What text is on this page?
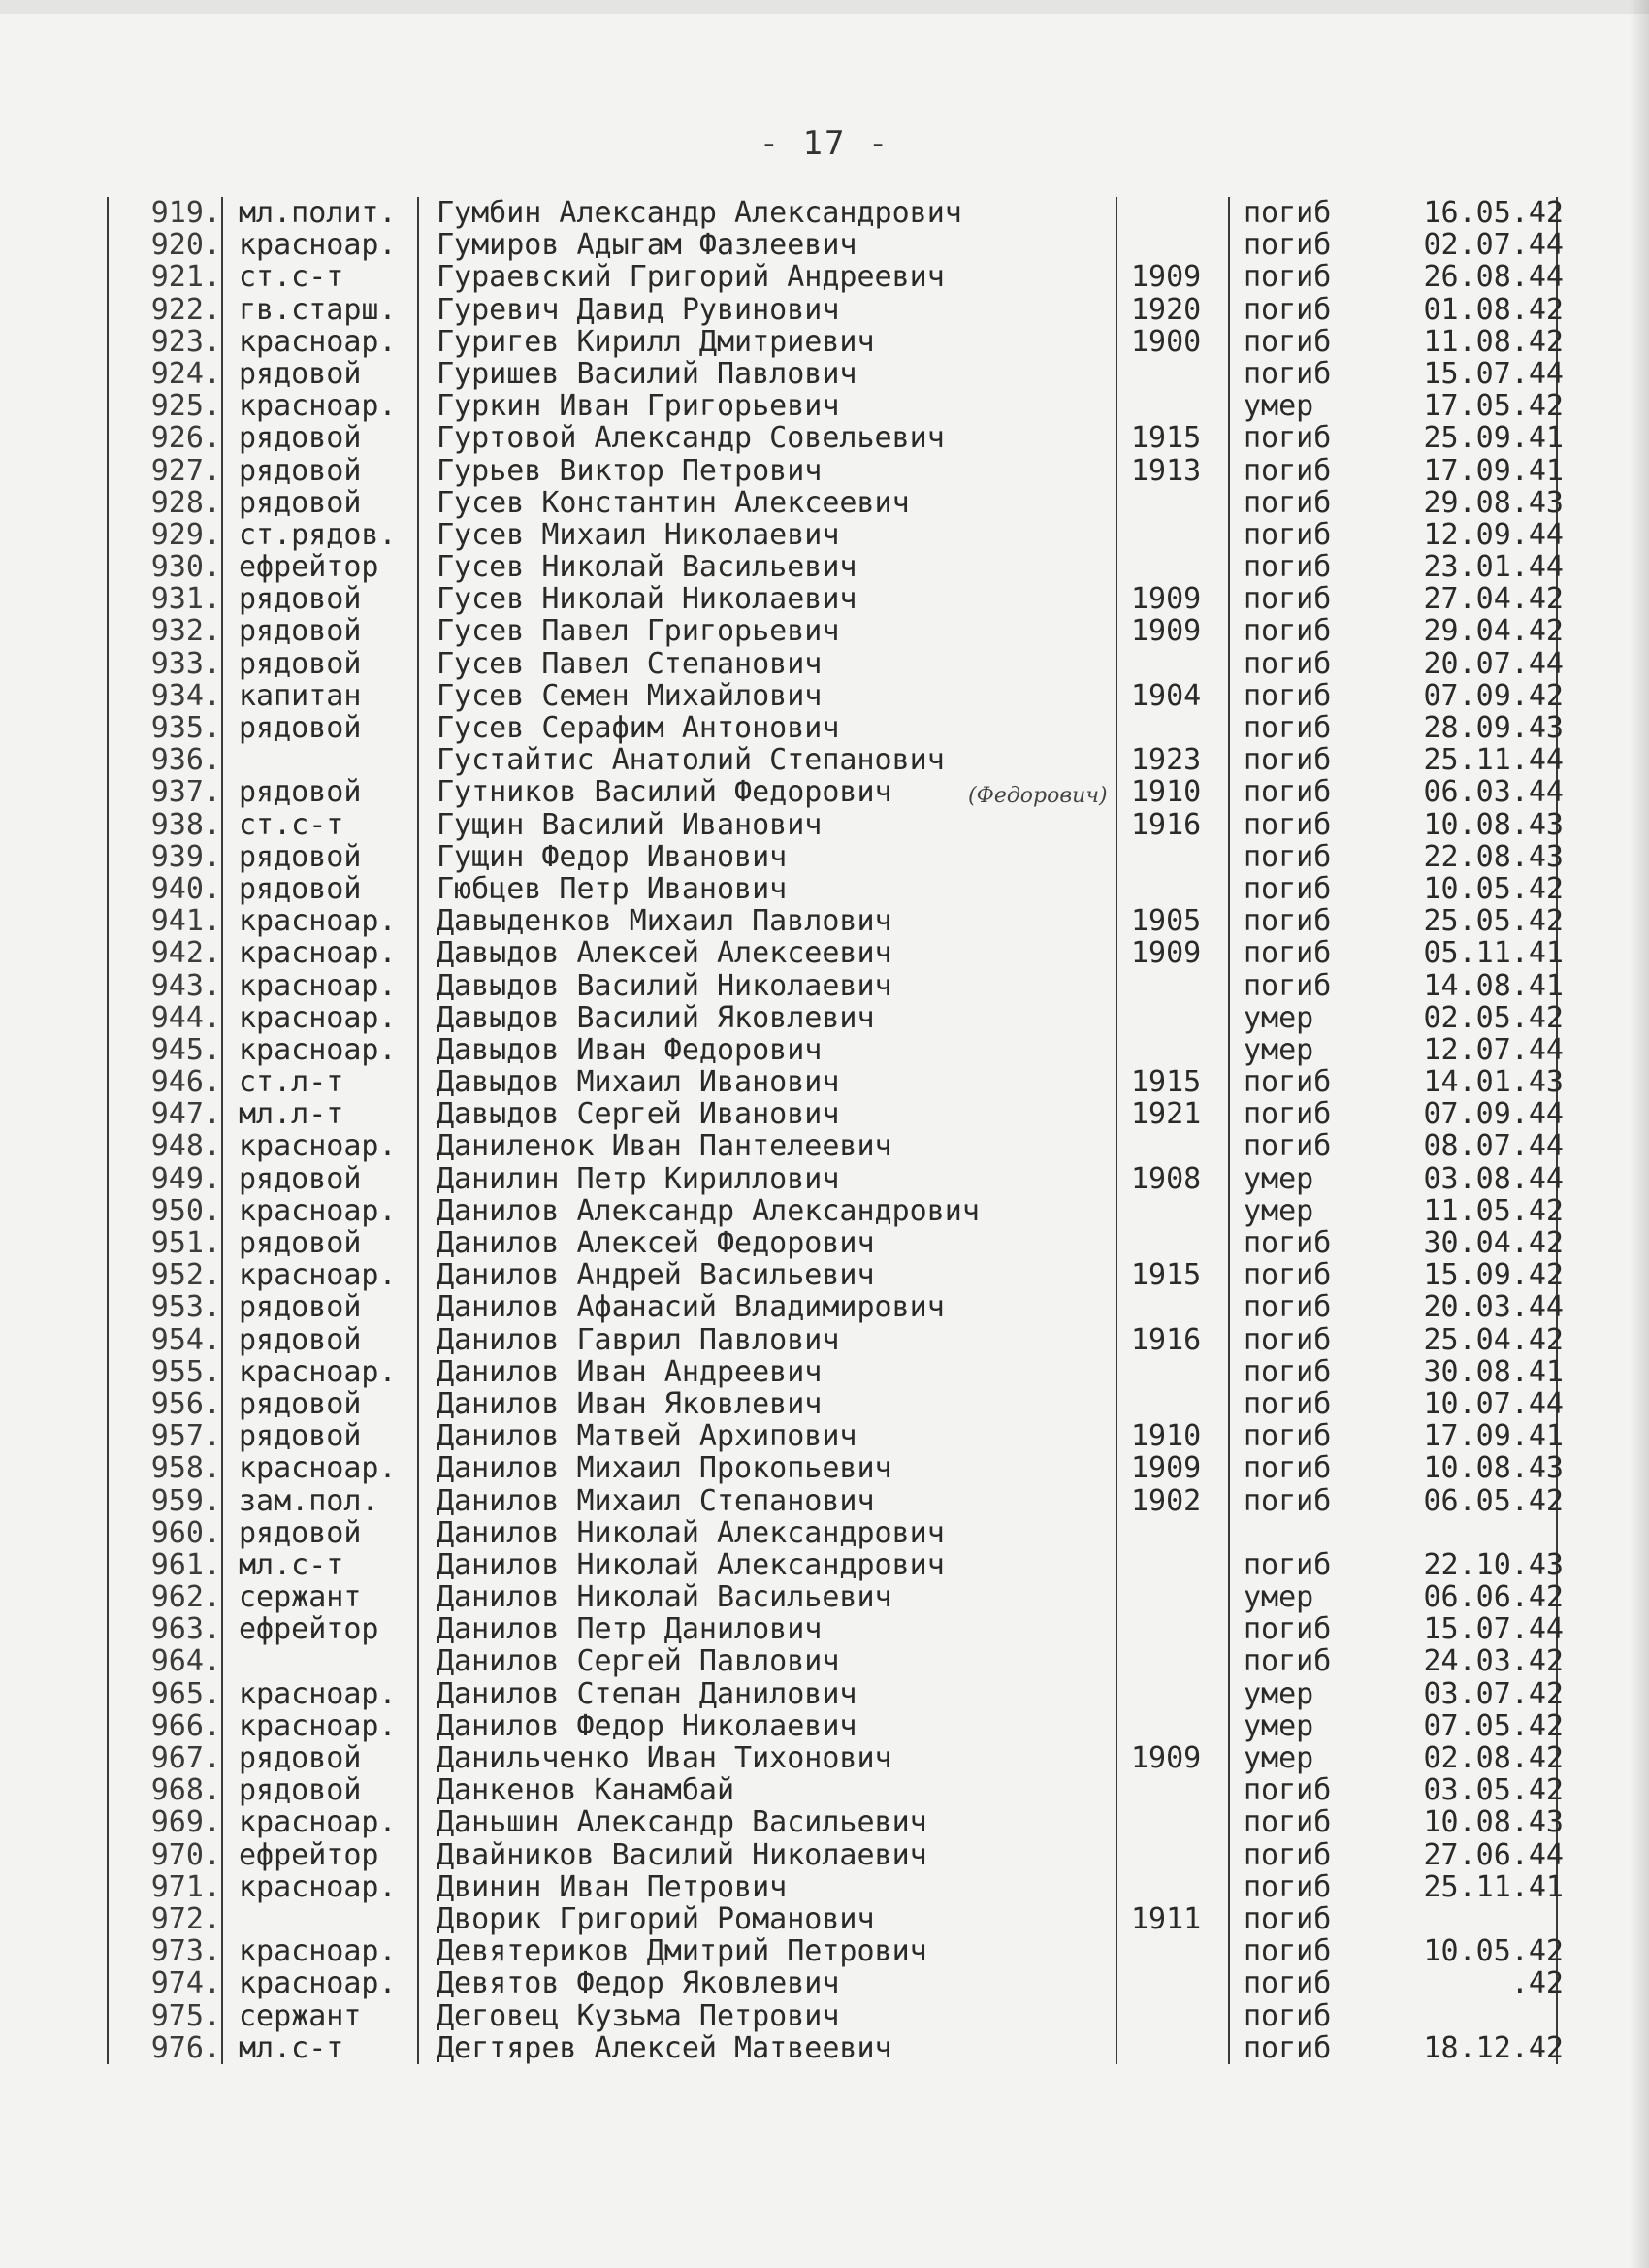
- 17 -
919. мл.полит.	Гумбин Александр Александрович	погиб	16.05.42
920. красноар.	Гумиров Адыгам Фазлеевич	погиб	02.07.44
921. ст.с-т	Гураевский Григорий Андреевич	1909	погиб	26.08.44
922. гв.старш.	Гуревич Давид Рувинович	1920	погиб	01.08.42
923. красноар.	Гуригев Кирилл Дмитриевич	1900	погиб	11.08.42
924. рядовой	Гуришев Василий Павлович	погиб	15.07.44
925. красноар.	Гуркин Иван Григорьевич	умер	17.05.42
926. рядовой	Гуртовой Александр Совельевич	1915	погиб	25.09.41
927. рядовой	Гурьев Виктор Петрович	1913	погиб	17.09.41
928. рядовой	Гусев Константин Алексеевич	погиб	29.08.43
929. ст.рядов.	Гусев Михаил Николаевич	погиб	12.09.44
930. ефрейтор	Гусев Николай Васильевич	погиб	23.01.44
931. рядовой	Гусев Николай Николаевич	1909	погиб	27.04.42
932. рядовой	Гусев Павел Григорьевич	1909	погиб	29.04.42
933. рядовой	Гусев Павел Степанович	погиб	20.07.44
934. капитан	Гусев Семен Михайлович	1904	погиб	07.09.42
935. рядовой	Гусев Серафим Антонович	погиб	28.09.43
936.	Густайтис Анатолий Степанович	1923	погиб	25.11.44
937. рядовой	Гутников Василий Федорович	1910	погиб	06.03.44
938. ст.с-т	Гущин Василий Иванович	1916	погиб	10.08.43
939. рядовой	Гущин Федор Иванович	погиб	22.08.43
940. рядовой	Гюбцев Петр Иванович	погиб	10.05.42
941. красноар.	Давыденков Михаил Павлович	1905	погиб	25.05.42
942. красноар.	Давыдов Алексей Алексеевич	1909	погиб	05.11.41
943. красноар.	Давыдов Василий Николаевич	погиб	14.08.41
944. красноар.	Давыдов Василий Яковлевич	умер	02.05.42
945. красноар.	Давыдов Иван Федорович	умер	12.07.44
946. ст.л-т	Давыдов Михаил Иванович	1915	погиб	14.01.43
947. мл.л-т	Давыдов Сергей Иванович	1921	погиб	07.09.44
948. красноар.	Даниленок Иван Пантелеевич	погиб	08.07.44
949. рядовой	Данилин Петр Кириллович	1908	умер	03.08.44
950. красноар.	Данилов Александр Александрович	умер	11.05.42
951. рядовой	Данилов Алексей Федорович	погиб	30.04.42
952. красноар.	Данилов Андрей Васильевич	1915	погиб	15.09.42
953. рядовой	Данилов Афанасий Владимирович	погиб	20.03.44
954. рядовой	Данилов Гаврил Павлович	1916	погиб	25.04.42
955. красноар.	Данилов Иван Андреевич	погиб	30.08.41
956. рядовой	Данилов Иван Яковлевич	погиб	10.07.44
957. рядовой	Данилов Матвей Архипович	1910	погиб	17.09.41
958. красноар.	Данилов Михаил Прокопьевич	1909	погиб	10.08.43
959. зам.пол.	Данилов Михаил Степанович	1902	погиб	06.05.42
960. рядовой	Данилов Николай Александрович
961. мл.с-т	Данилов Николай Александрович	погиб	22.10.43
962. сержант	Данилов Николай Васильевич	умер	06.06.42
963. ефрейтор	Данилов Петр Данилович	погиб	15.07.44
964.	Данилов Сергей Павлович	погиб	24.03.42
965. красноар.	Данилов Степан Данилович	умер	03.07.42
966. красноар.	Данилов Федор Николаевич	умер	07.05.42
967. рядовой	Данильченко Иван Тихонович	1909	умер	02.08.42
968. рядовой	Данкенов Канамбай	погиб	03.05.42
969. красноар.	Даньшин Александр Васильевич	погиб	10.08.43
970. ефрейтор	Двайников Василий Николаевич	погиб	27.06.44
971. красноар.	Двинин Иван Петрович	погиб	25.11.41
972.	Дворик Григорий Романович	1911	погиб
973. красноар.	Девятериков Дмитрий Петрович	погиб	10.05.42
974. красноар.	Девятов Федор Яковлевич	погиб	.42
975. сержант	Деговец Кузьма Петрович	погиб
976. мл.с-т	Дегтярев Алексей Матвеевич	погиб	18.12.42
(Федорович)
